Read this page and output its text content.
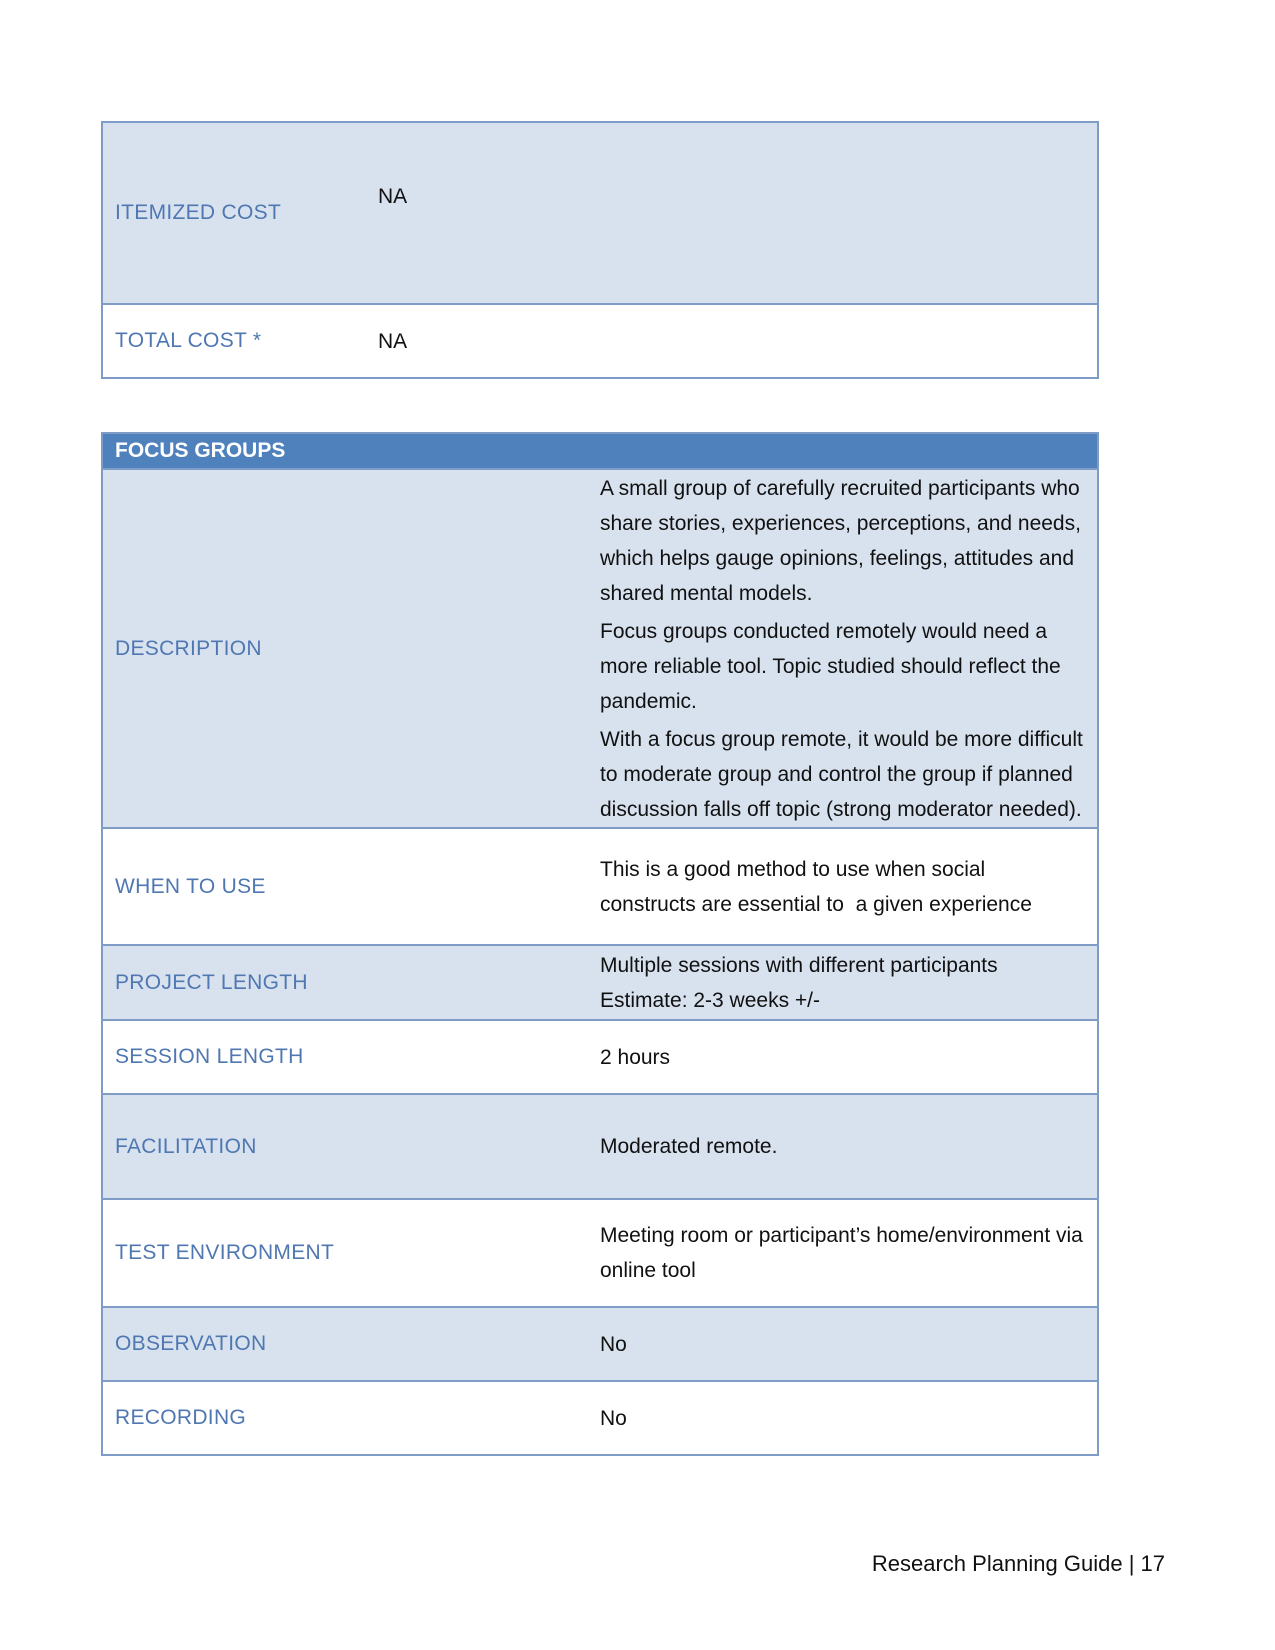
ITEMIZED COST	NA
TOTAL COST *	NA
FOCUS GROUPS	
DESCRIPTION	A small group of carefully recruited participants who share stories, experiences, perceptions, and needs, which helps gauge opinions, feelings, attitudes and shared mental models.

Focus groups conducted remotely would need a more reliable tool. Topic studied should reflect the pandemic.

With a focus group remote, it would be more difficult to moderate group and control the group if planned discussion falls off topic (strong moderator needed).

WHEN TO USE	This is a good method to use when social constructs are essential to  a given experience
PROJECT LENGTH	Multiple sessions with different participants
Estimate: 2-3 weeks +/-

SESSION LENGTH	2 hours
FACILITATION	Moderated remote.
TEST ENVIRONMENT	Meeting room or participant’s home/environment via online tool
OBSERVATION	No
RECORDING	No
Research Planning Guide | 17
